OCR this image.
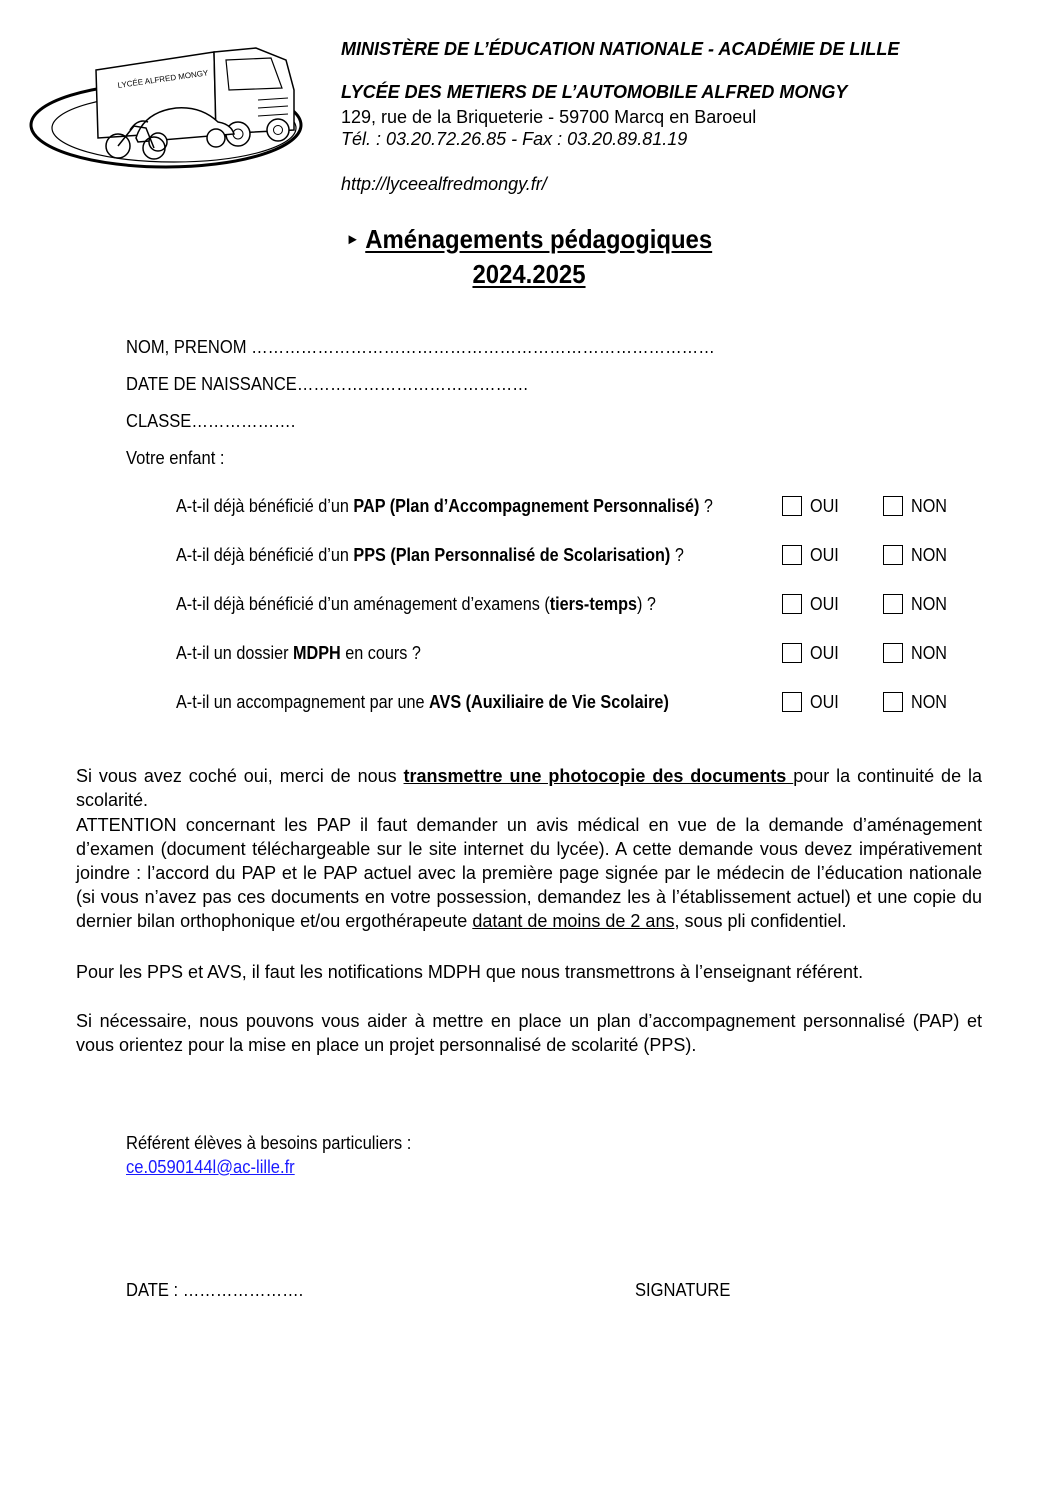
LYCÉE ALFRED MONGY
MINISTÈRE DE L’ÉDUCATION NATIONALE - ACADÉMIE DE LILLE
LYCÉE DES METIERS DE L’AUTOMOBILE ALFRED MONGY
129, rue de la Briqueterie - 59700 Marcq en Baroeul
Tél. : 03.20.72.26.85 - Fax : 03.20.89.81.19
http://lyceealfredmongy.fr/
► Aménagements pédagogiques
2024.2025
NOM, PRENOM …………………………………………………………………………
DATE DE NAISSANCE……………………………………
CLASSE……………….
Votre enfant :
A-t-il déjà bénéficié d’un PAP (Plan d’Accompagnement Personnalisé) ?	OUI	NON
A-t-il déjà bénéficié d’un PPS (Plan Personnalisé de Scolarisation) ?	OUI	NON
A-t-il déjà bénéficié d’un aménagement d’examens (tiers-temps) ?	OUI	NON
A-t-il un dossier MDPH en cours ?	OUI	NON
A-t-il un accompagnement par une AVS (Auxiliaire de Vie Scolaire)	OUI	NON
Si vous avez coché oui, merci de nous transmettre une photocopie des documents pour la continuité de la scolarité.
ATTENTION concernant les PAP il faut demander un avis médical en vue de la demande d’aménagement d’examen (document téléchargeable sur le site internet du lycée). A cette demande vous devez impérativement joindre : l’accord du PAP et le PAP actuel avec la première page signée par le médecin de l’éducation nationale (si vous n’avez pas ces documents en votre possession, demandez les à l’établissement actuel) et une copie du dernier bilan orthophonique et/ou ergothérapeute datant de moins de 2 ans, sous pli confidentiel.
Pour les PPS et AVS, il faut les notifications MDPH que nous transmettrons à l’enseignant référent.
Si nécessaire, nous pouvons vous aider à mettre en place un plan d’accompagnement personnalisé (PAP) et vous orientez pour la mise en place un projet personnalisé de scolarité (PPS).
Référent élèves à besoins particuliers :
ce.0590144l@ac-lille.fr
DATE : ………………….	SIGNATURE
